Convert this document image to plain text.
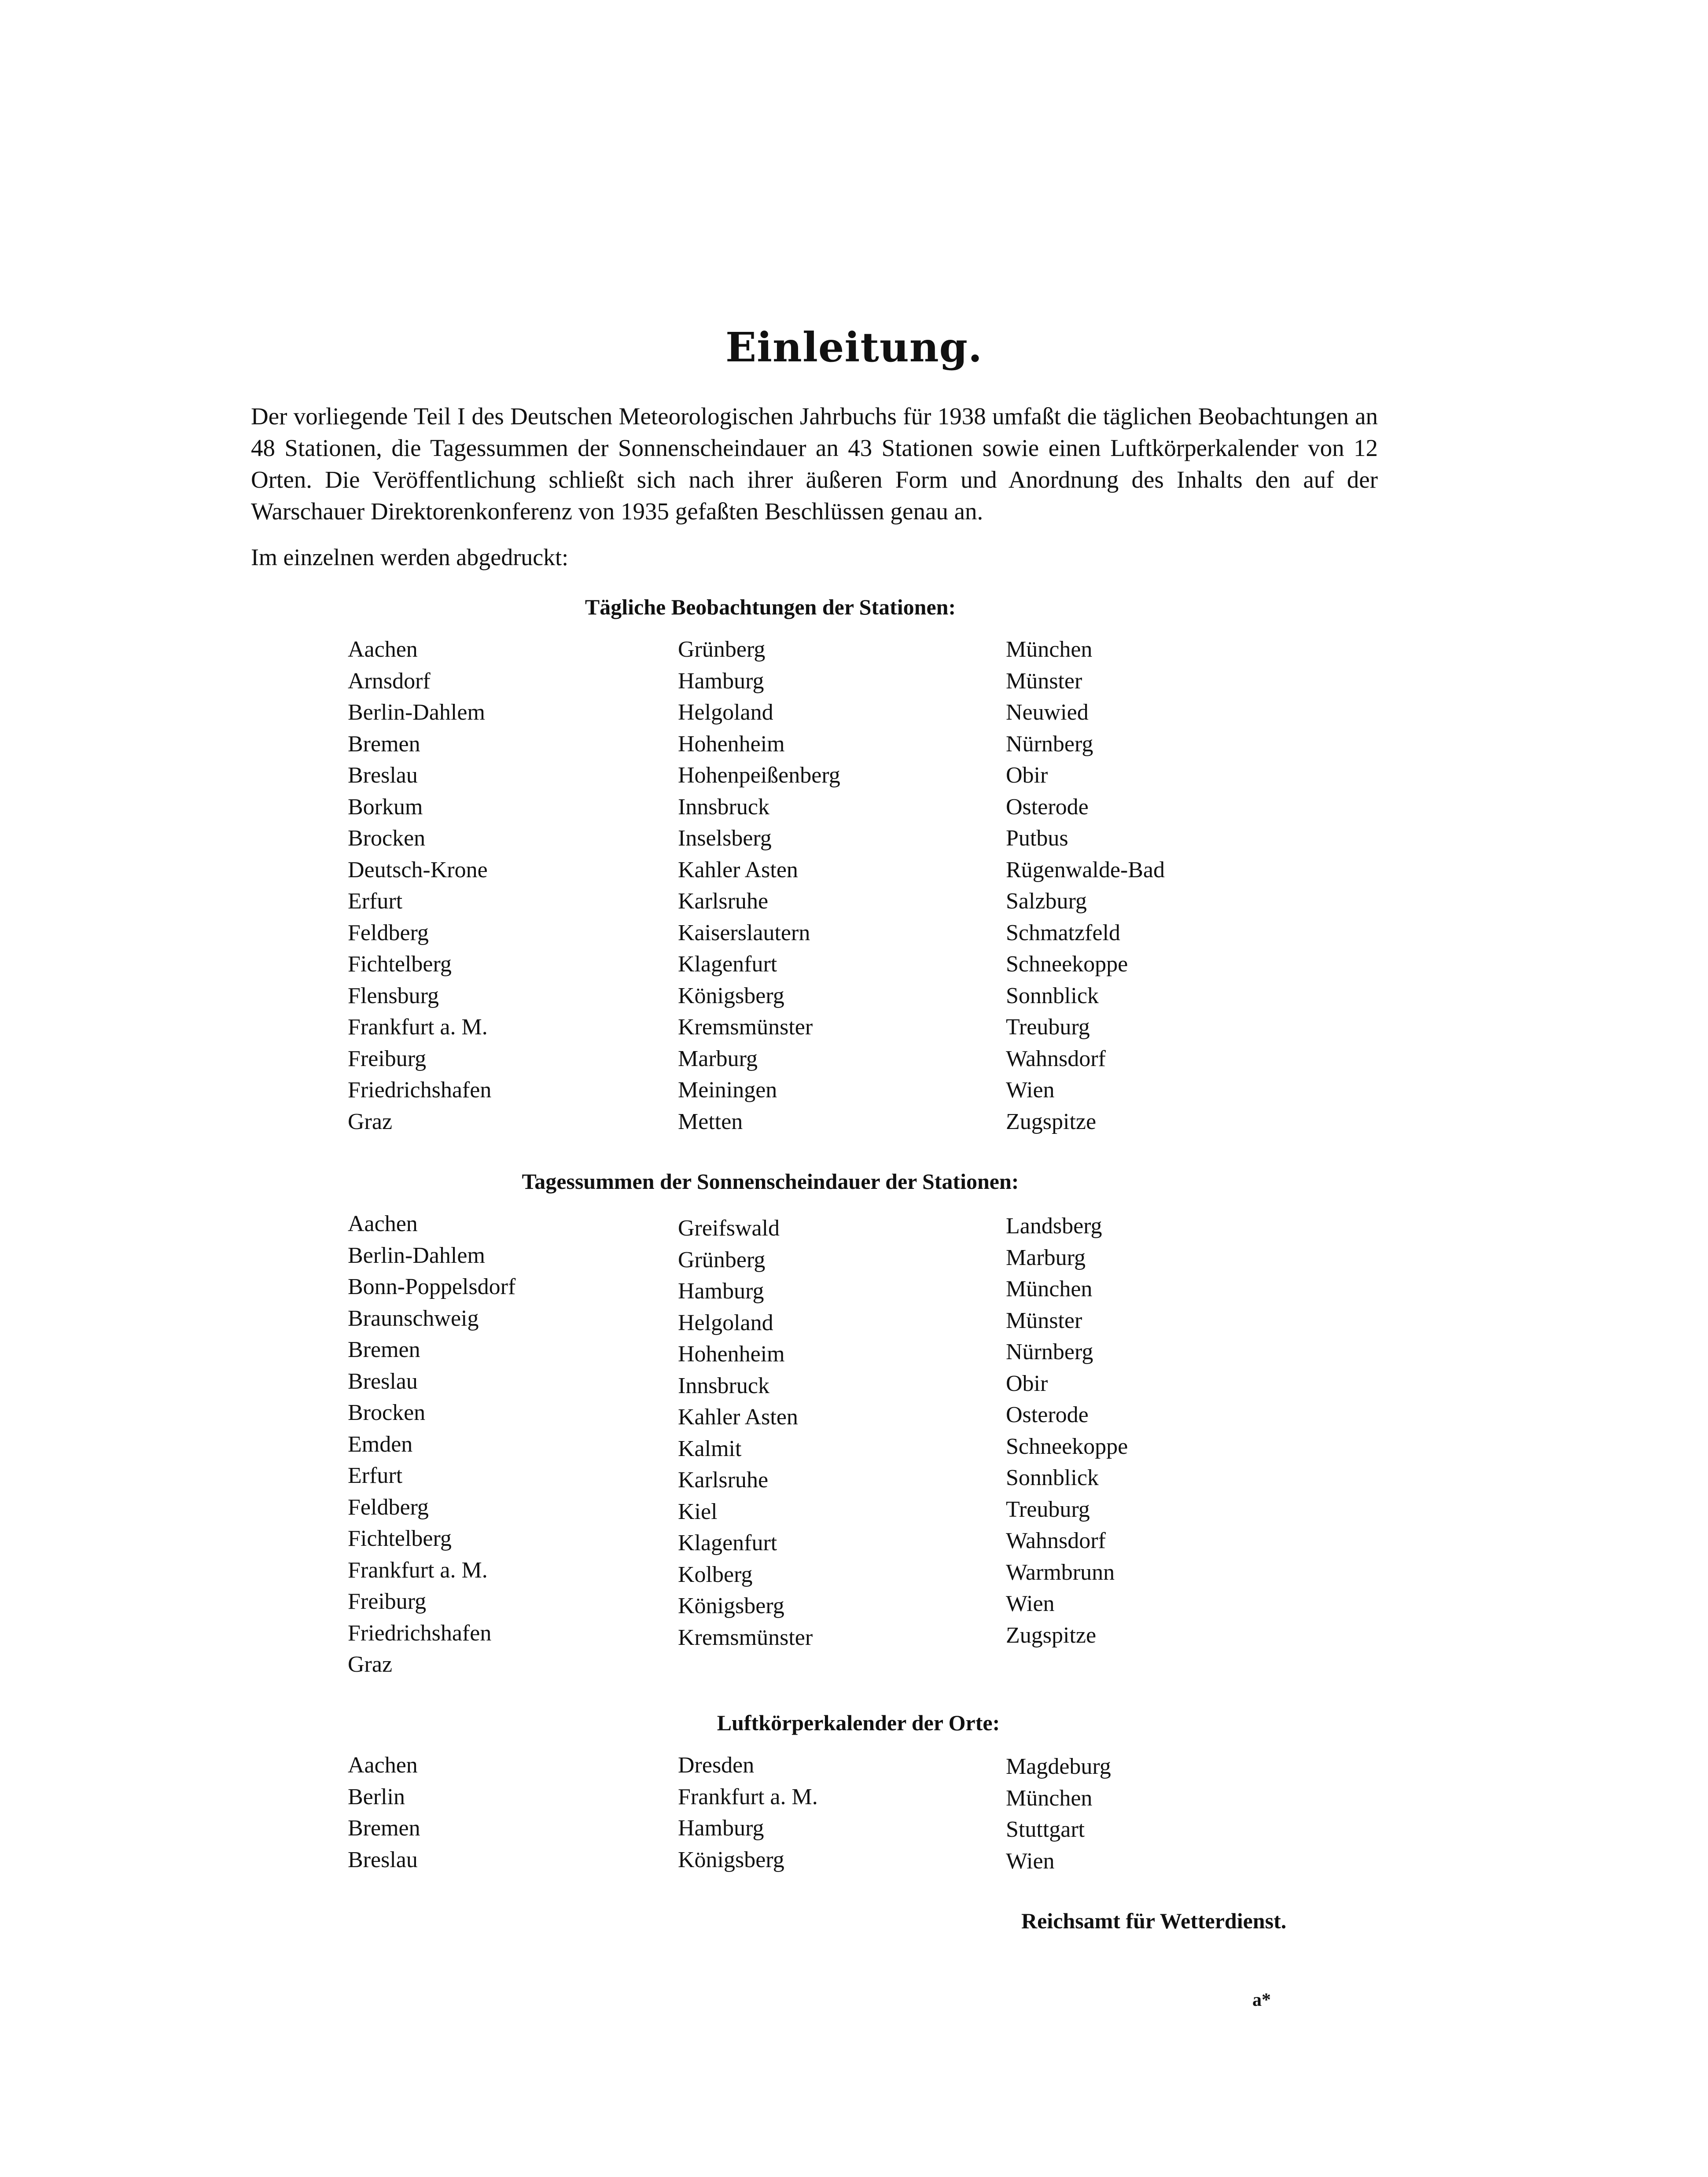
Einleitung.

Der vorliegende Teil I des Deutschen Meteorologischen Jahrbuchs für 1938 umfaßt die täglichen Beobachtungen an 48 Stationen, die Tagessummen der Sonnenscheindauer an 43 Stationen sowie einen Luftkörperkalender von 12 Orten. Die Veröffentlichung schließt sich nach ihrer äußeren Form und Anordnung des Inhalts den auf der Warschauer Direktorenkonferenz von 1935 gefaßten Beschlüssen genau an.

Im einzelnen werden abgedruckt:
Tägliche Beobachtungen der Stationen:
Aachen
Arnsdorf
Berlin-Dahlem
Bremen
Breslau
Borkum
Brocken
Deutsch-Krone
Erfurt
Feldberg
Fichtelberg
Flensburg
Frankfurt a. M.
Freiburg
Friedrichshafen
Graz
Grünberg
Hamburg
Helgoland
Hohenheim
Hohenpeißenberg
Innsbruck
Inselsberg
Kahler Asten
Karlsruhe
Kaiserslautern
Klagenfurt
Königsberg
Kremsmünster
Marburg
Meiningen
Metten
München
Münster
Neuwied
Nürnberg
Obir
Osterode
Putbus
Rügenwalde-Bad
Salzburg
Schmatzfeld
Schneekoppe
Sonnblick
Treuburg
Wahnsdorf
Wien
Zugspitze
Tagessummen der Sonnenscheindauer der Stationen:
Aachen
Berlin-Dahlem
Bonn-Poppelsdorf
Braunschweig
Bremen
Breslau
Brocken
Emden
Erfurt
Feldberg
Fichtelberg
Frankfurt a. M.
Freiburg
Friedrichshafen
Graz
Greifswald
Grünberg
Hamburg
Helgoland
Hohenheim
Innsbruck
Kahler Asten
Kalmit
Karlsruhe
Kiel
Klagenfurt
Kolberg
Königsberg
Kremsmünster
Landsberg
Marburg
München
Münster
Nürnberg
Obir
Osterode
Schneekoppe
Sonnblick
Treuburg
Wahnsdorf
Warmbrunn
Wien
Zugspitze
Luftkörperkalender der Orte:
Aachen
Berlin
Bremen
Breslau
Dresden
Frankfurt a. M.
Hamburg
Königsberg
Magdeburg
München
Stuttgart
Wien
Reichsamt für Wetterdienst.
a*
